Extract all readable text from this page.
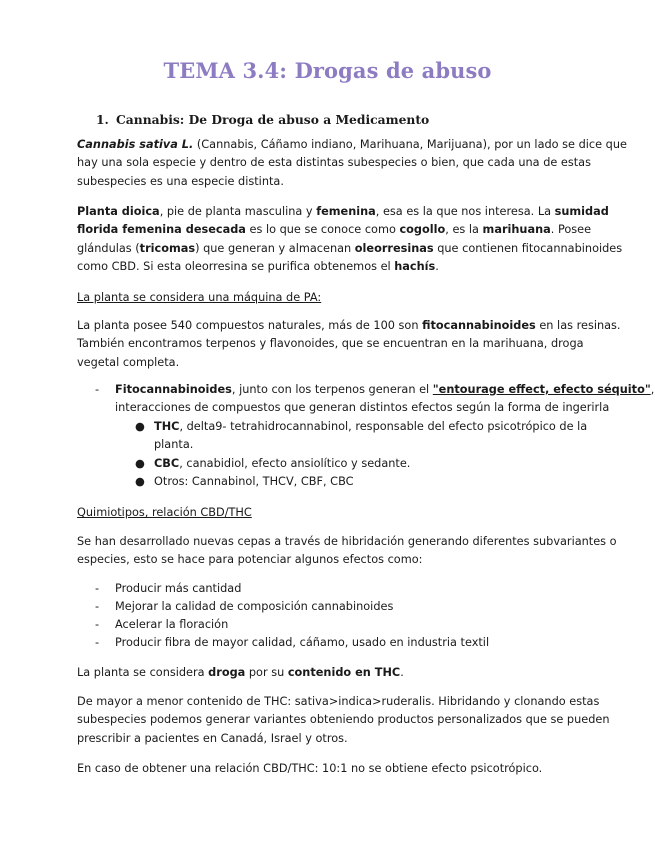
TEMA 3.4: Drogas de abuso
1. Cannabis: De Droga de abuso a Medicamento
Cannabis sativa L. (Cannabis, Cáñamo indiano, Marihuana, Marijuana), por un lado se dice que
hay una sola especie y dentro de esta distintas subespecies o bien, que cada una de estas
subespecies es una especie distinta.
Planta dioica, pie de planta masculina y femenina, esa es la que nos interesa. La sumidad
florida femenina desecada es lo que se conoce como cogollo, es la marihuana. Posee
glándulas (tricomas) que generan y almacenan oleorresinas que contienen fitocannabinoides
como CBD. Si esta oleorresina se purifica obtenemos el hachís.
La planta se considera una máquina de PA:
La planta posee 540 compuestos naturales, más de 100 son fitocannabinoides en las resinas.
También encontramos terpenos y flavonoides, que se encuentran en la marihuana, droga
vegetal completa.
- Fitocannabinoides, junto con los terpenos generan el "entourage effect, efecto séquito",
interacciones de compuestos que generan distintos efectos según la forma de ingerirla
● THC, delta9- tetrahidrocannabinol, responsable del efecto psicotrópico de la
planta.
● CBC, canabidiol, efecto ansiolítico y sedante.
● Otros: Cannabinol, THCV, CBF, CBC
Quimiotipos, relación CBD/THC
Se han desarrollado nuevas cepas a través de hibridación generando diferentes subvariantes o
especies, esto se hace para potenciar algunos efectos como:
- Producir más cantidad
- Mejorar la calidad de composición cannabinoides
- Acelerar la floración
- Producir fibra de mayor calidad, cáñamo, usado en industria textil
La planta se considera droga por su contenido en THC.
De mayor a menor contenido de THC: sativa>indica>ruderalis. Hibridando y clonando estas
subespecies podemos generar variantes obteniendo productos personalizados que se pueden
prescribir a pacientes en Canadá, Israel y otros.
En caso de obtener una relación CBD/THC: 10:1 no se obtiene efecto psicotrópico.
